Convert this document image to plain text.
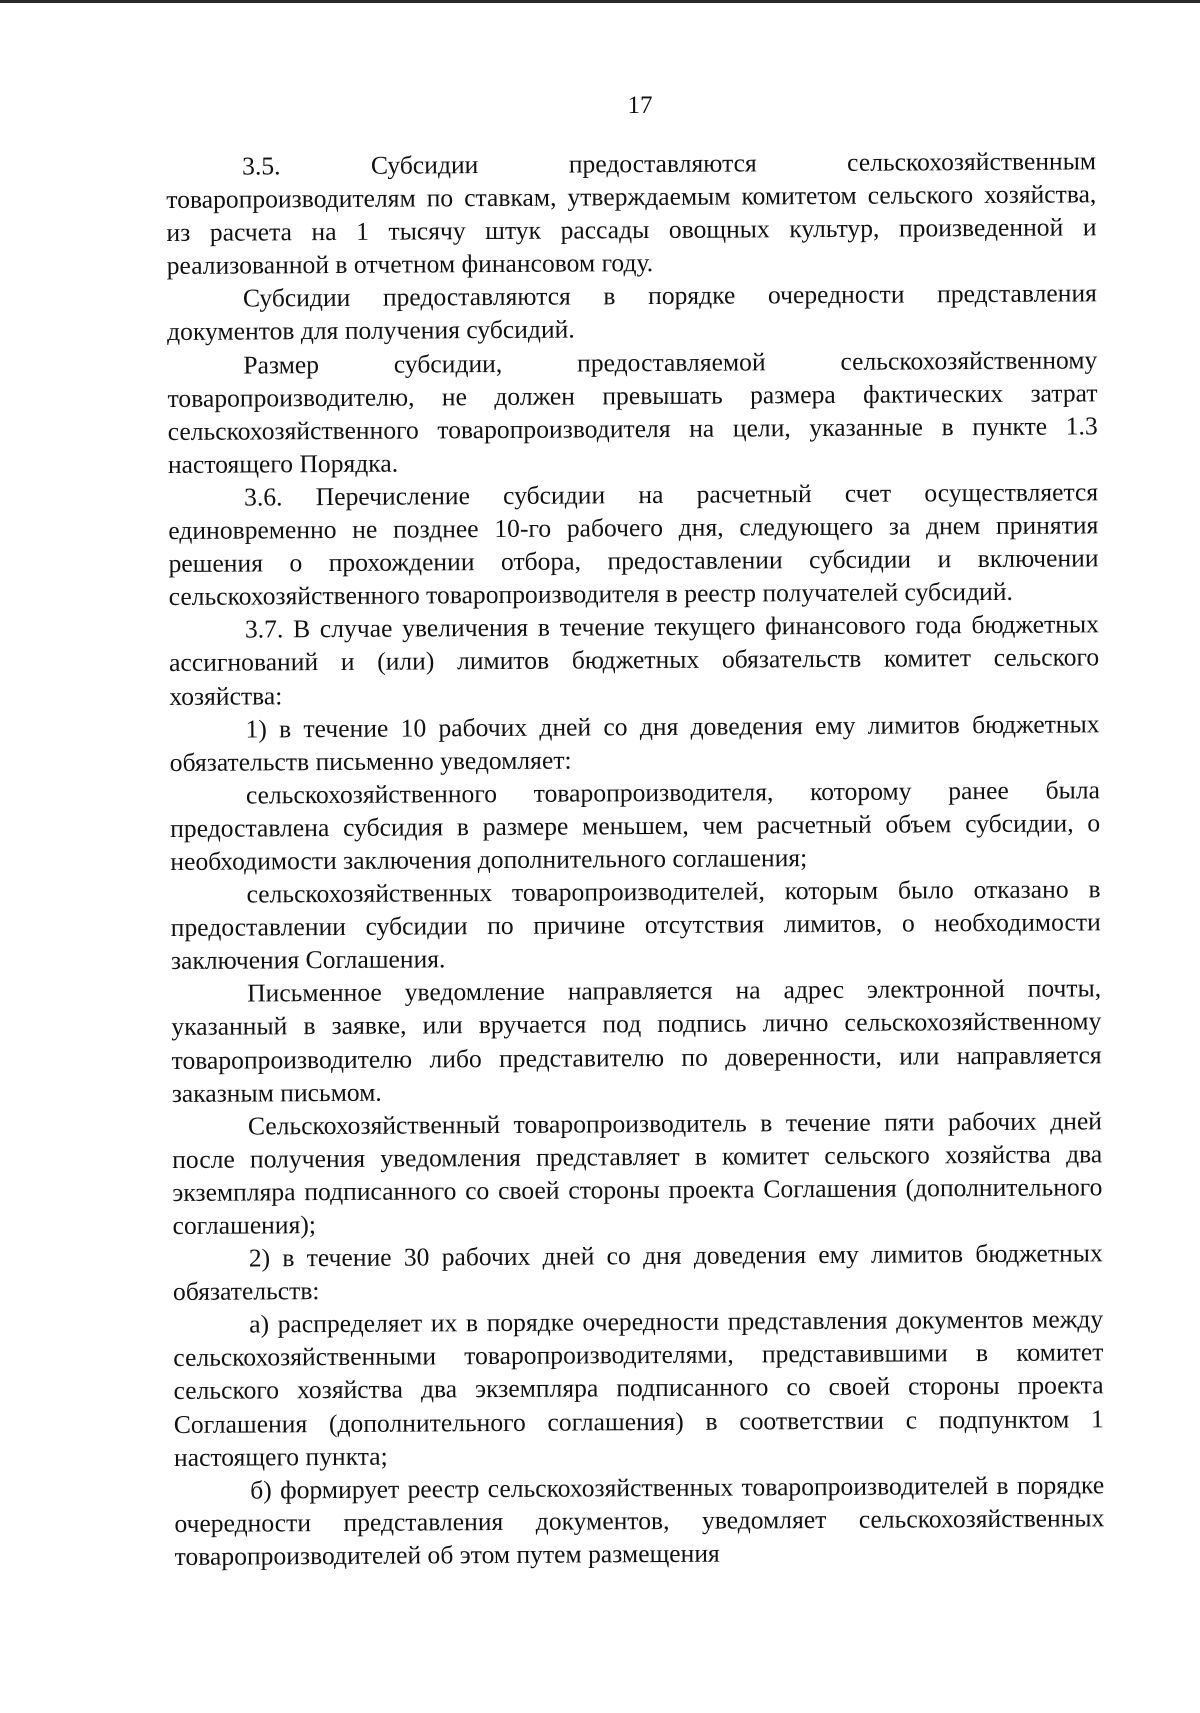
17

3.5. Субсидии предоставляются сельскохозяйственным товаропроизводителям по ставкам, утверждаемым комитетом сельского хозяйства, из расчета на 1 тысячу штук рассады овощных культур, произведенной и реализованной в отчетном финансовом году.

Субсидии предоставляются в порядке очередности представления документов для получения субсидий.

Размер субсидии, предоставляемой сельскохозяйственному товаропроизводителю, не должен превышать размера фактических затрат сельскохозяйственного товаропроизводителя на цели, указанные в пункте 1.3 настоящего Порядка.

3.6. Перечисление субсидии на расчетный счет осуществляется единовременно не позднее 10-го рабочего дня, следующего за днем принятия решения о прохождении отбора, предоставлении субсидии и включении сельскохозяйственного товаропроизводителя в реестр получателей субсидий.

3.7. В случае увеличения в течение текущего финансового года бюджетных ассигнований и (или) лимитов бюджетных обязательств комитет сельского хозяйства:

1) в течение 10 рабочих дней со дня доведения ему лимитов бюджетных обязательств письменно уведомляет:

сельскохозяйственного товаропроизводителя, которому ранее была предоставлена субсидия в размере меньшем, чем расчетный объем субсидии, о необходимости заключения дополнительного соглашения;

сельскохозяйственных товаропроизводителей, которым было отказано в предоставлении субсидии по причине отсутствия лимитов, о необходимости заключения Соглашения.

Письменное уведомление направляется на адрес электронной почты, указанный в заявке, или вручается под подпись лично сельскохозяйственному товаропроизводителю либо представителю по доверенности, или направляется заказным письмом.

Сельскохозяйственный товаропроизводитель в течение пяти рабочих дней после получения уведомления представляет в комитет сельского хозяйства два экземпляра подписанного со своей стороны проекта Соглашения (дополнительного соглашения);

2) в течение 30 рабочих дней со дня доведения ему лимитов бюджетных обязательств:

а) распределяет их в порядке очередности представления документов между сельскохозяйственными товаропроизводителями, представившими в комитет сельского хозяйства два экземпляра подписанного со своей стороны проекта Соглашения (дополнительного соглашения) в соответствии с подпунктом 1 настоящего пункта;

б) формирует реестр сельскохозяйственных товаропроизводителей в порядке очередности представления документов, уведомляет сельскохозяйственных товаропроизводителей об этом путем размещения
